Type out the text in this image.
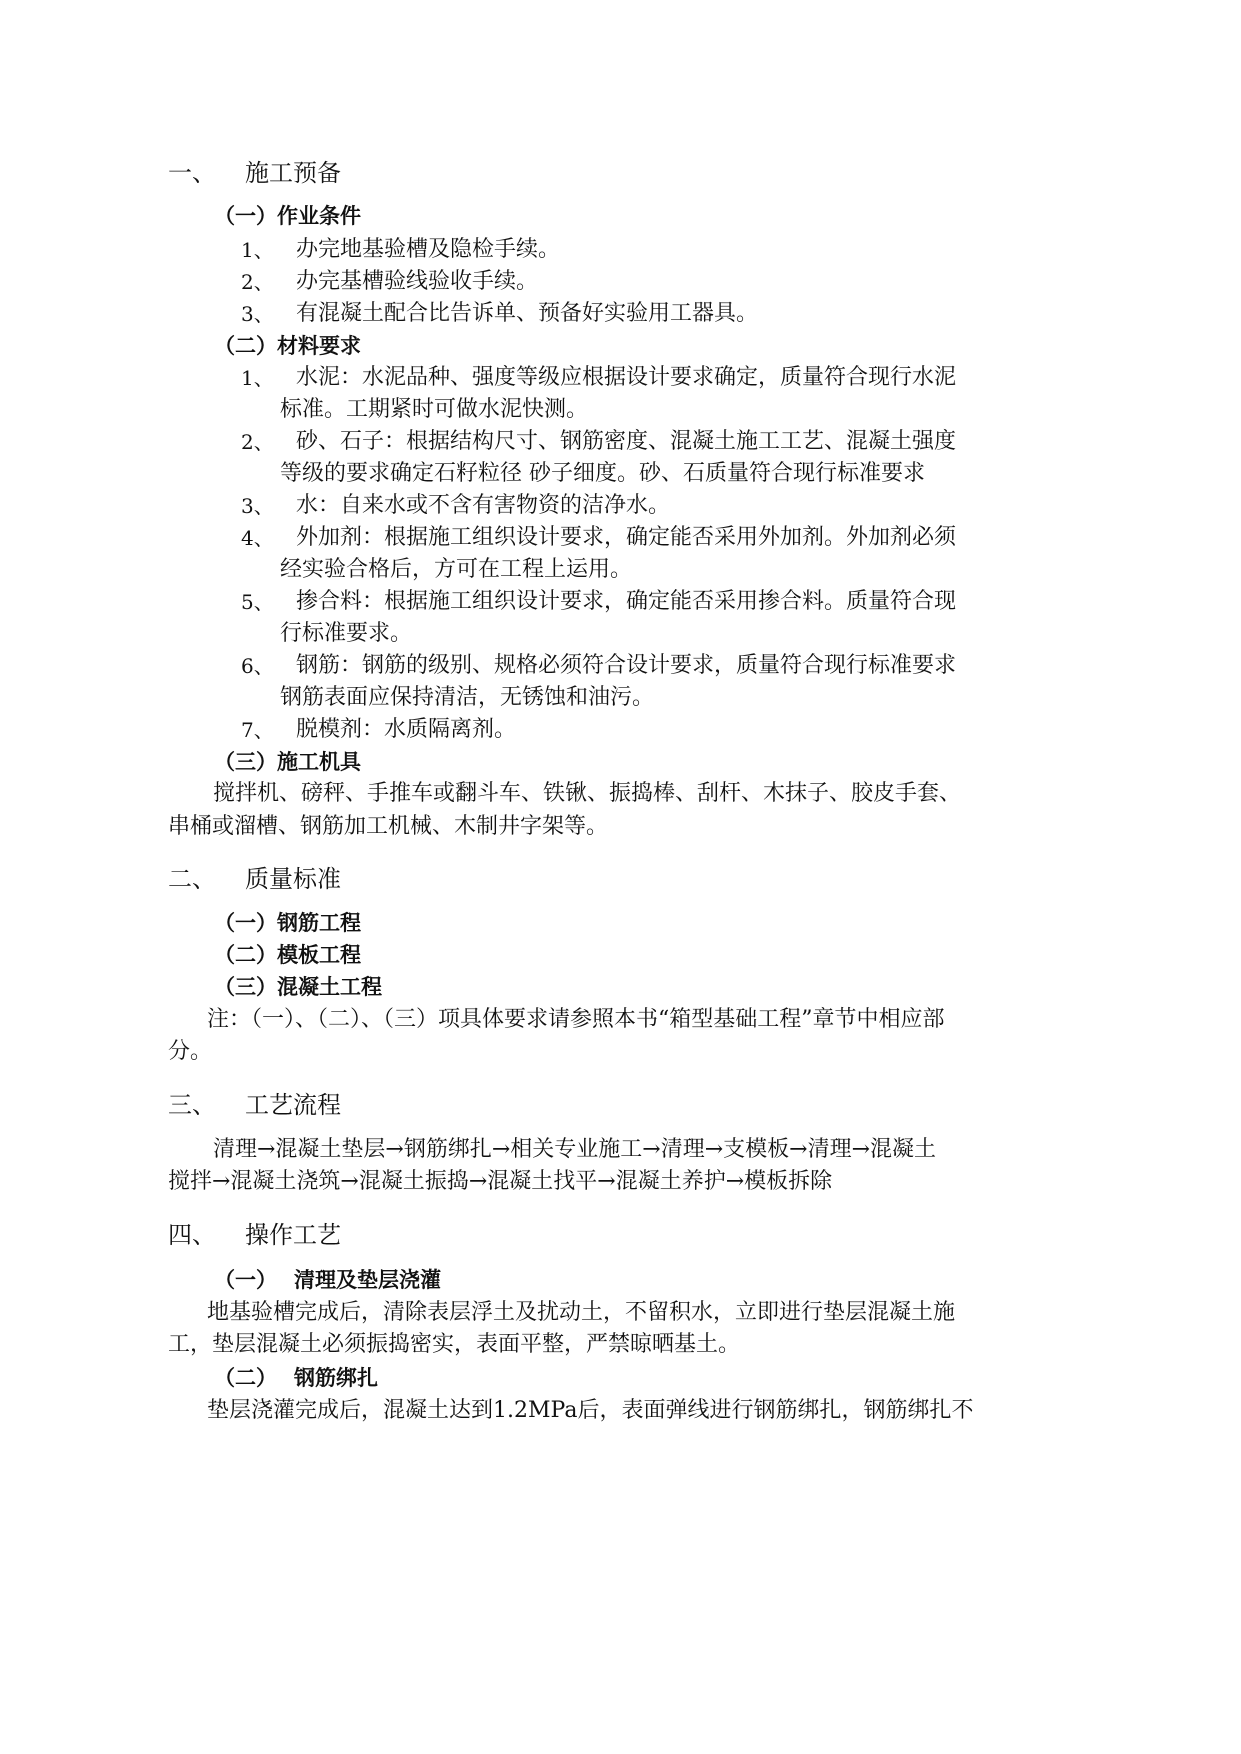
一、 施工预备
（一）作业条件
1、 办完地基验槽及隐检手续。
2、 办完基槽验线验收手续。
3、 有混凝土配合比告诉单、预备好实验用工器具。
（二）材料要求
1、 水泥：水泥品种、强度等级应根据设计要求确定，质量符合现行水泥
标准。工期紧时可做水泥快测。
2、 砂、石子：根据结构尺寸、钢筋密度、混凝土施工工艺、混凝土强度
等级的要求确定石籽粒径 砂子细度。砂、石质量符合现行标准要求
3、 水：自来水或不含有害物资的洁净水。
4、 外加剂：根据施工组织设计要求，确定能否采用外加剂。外加剂必须
经实验合格后，方可在工程上运用。
5、 掺合料：根据施工组织设计要求，确定能否采用掺合料。质量符合现
行标准要求。
6、 钢筋：钢筋的级别、规格必须符合设计要求，质量符合现行标准要求
钢筋表面应保持清洁，无锈蚀和油污。
7、 脱模剂：水质隔离剂。
（三）施工机具
搅拌机、磅秤、手推车或翻斗车、铁锹、振捣棒、刮杆、木抹子、胶皮手套、
串桶或溜槽、钢筋加工机械、木制井字架等。
二、 质量标准
（一）钢筋工程
（二）模板工程
（三）混凝土工程
注：（一）、（二）、（三）项具体要求请参照本书“箱型基础工程”章节中相应部
分。
三、 工艺流程
清理→混凝土垫层→钢筋绑扎→相关专业施工→清理→支模板→清理→混凝土
搅拌→混凝土浇筑→混凝土振捣→混凝土找平→混凝土养护→模板拆除
四、 操作工艺
（一） 清理及垫层浇灌
地基验槽完成后，清除表层浮土及扰动土，不留积水，立即进行垫层混凝土施
工，垫层混凝土必须振捣密实，表面平整，严禁晾晒基土。
（二） 钢筋绑扎
垫层浇灌完成后，混凝土达到1.2MPa后，表面弹线进行钢筋绑扎，钢筋绑扎不
